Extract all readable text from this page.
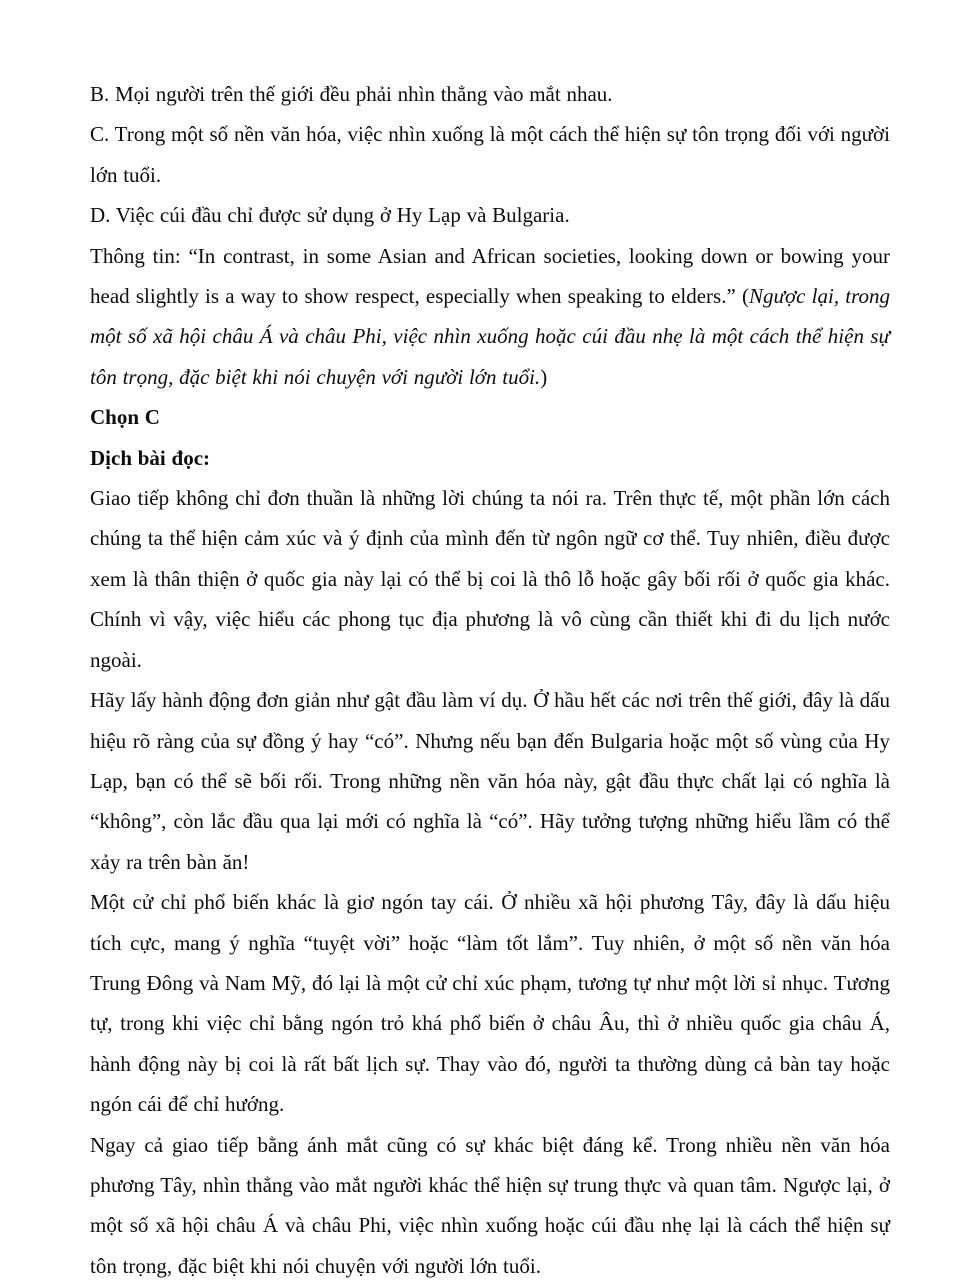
B. Mọi người trên thế giới đều phải nhìn thẳng vào mắt nhau.

C. Trong một số nền văn hóa, việc nhìn xuống là một cách thể hiện sự tôn trọng đối với người lớn tuổi.

D. Việc cúi đầu chỉ được sử dụng ở Hy Lạp và Bulgaria.

Thông tin: “In contrast, in some Asian and African societies, looking down or bowing your head slightly is a way to show respect, especially when speaking to elders.” (Ngược lại, trong một số xã hội châu Á và châu Phi, việc nhìn xuống hoặc cúi đầu nhẹ là một cách thể hiện sự tôn trọng, đặc biệt khi nói chuyện với người lớn tuổi.)

Chọn C

Dịch bài đọc:

Giao tiếp không chỉ đơn thuần là những lời chúng ta nói ra. Trên thực tế, một phần lớn cách chúng ta thể hiện cảm xúc và ý định của mình đến từ ngôn ngữ cơ thể. Tuy nhiên, điều được xem là thân thiện ở quốc gia này lại có thể bị coi là thô lỗ hoặc gây bối rối ở quốc gia khác. Chính vì vậy, việc hiểu các phong tục địa phương là vô cùng cần thiết khi đi du lịch nước ngoài.

Hãy lấy hành động đơn giản như gật đầu làm ví dụ. Ở hầu hết các nơi trên thế giới, đây là dấu hiệu rõ ràng của sự đồng ý hay “có”. Nhưng nếu bạn đến Bulgaria hoặc một số vùng của Hy Lạp, bạn có thể sẽ bối rối. Trong những nền văn hóa này, gật đầu thực chất lại có nghĩa là “không”, còn lắc đầu qua lại mới có nghĩa là “có”. Hãy tưởng tượng những hiểu lầm có thể xảy ra trên bàn ăn!

Một cử chỉ phổ biến khác là giơ ngón tay cái. Ở nhiều xã hội phương Tây, đây là dấu hiệu tích cực, mang ý nghĩa “tuyệt vời” hoặc “làm tốt lắm”. Tuy nhiên, ở một số nền văn hóa Trung Đông và Nam Mỹ, đó lại là một cử chỉ xúc phạm, tương tự như một lời sỉ nhục. Tương tự, trong khi việc chỉ bằng ngón trỏ khá phổ biến ở châu Âu, thì ở nhiều quốc gia châu Á, hành động này bị coi là rất bất lịch sự. Thay vào đó, người ta thường dùng cả bàn tay hoặc ngón cái để chỉ hướng.

Ngay cả giao tiếp bằng ánh mắt cũng có sự khác biệt đáng kể. Trong nhiều nền văn hóa phương Tây, nhìn thẳng vào mắt người khác thể hiện sự trung thực và quan tâm. Ngược lại, ở một số xã hội châu Á và châu Phi, việc nhìn xuống hoặc cúi đầu nhẹ lại là cách thể hiện sự tôn trọng, đặc biệt khi nói chuyện với người lớn tuổi.
